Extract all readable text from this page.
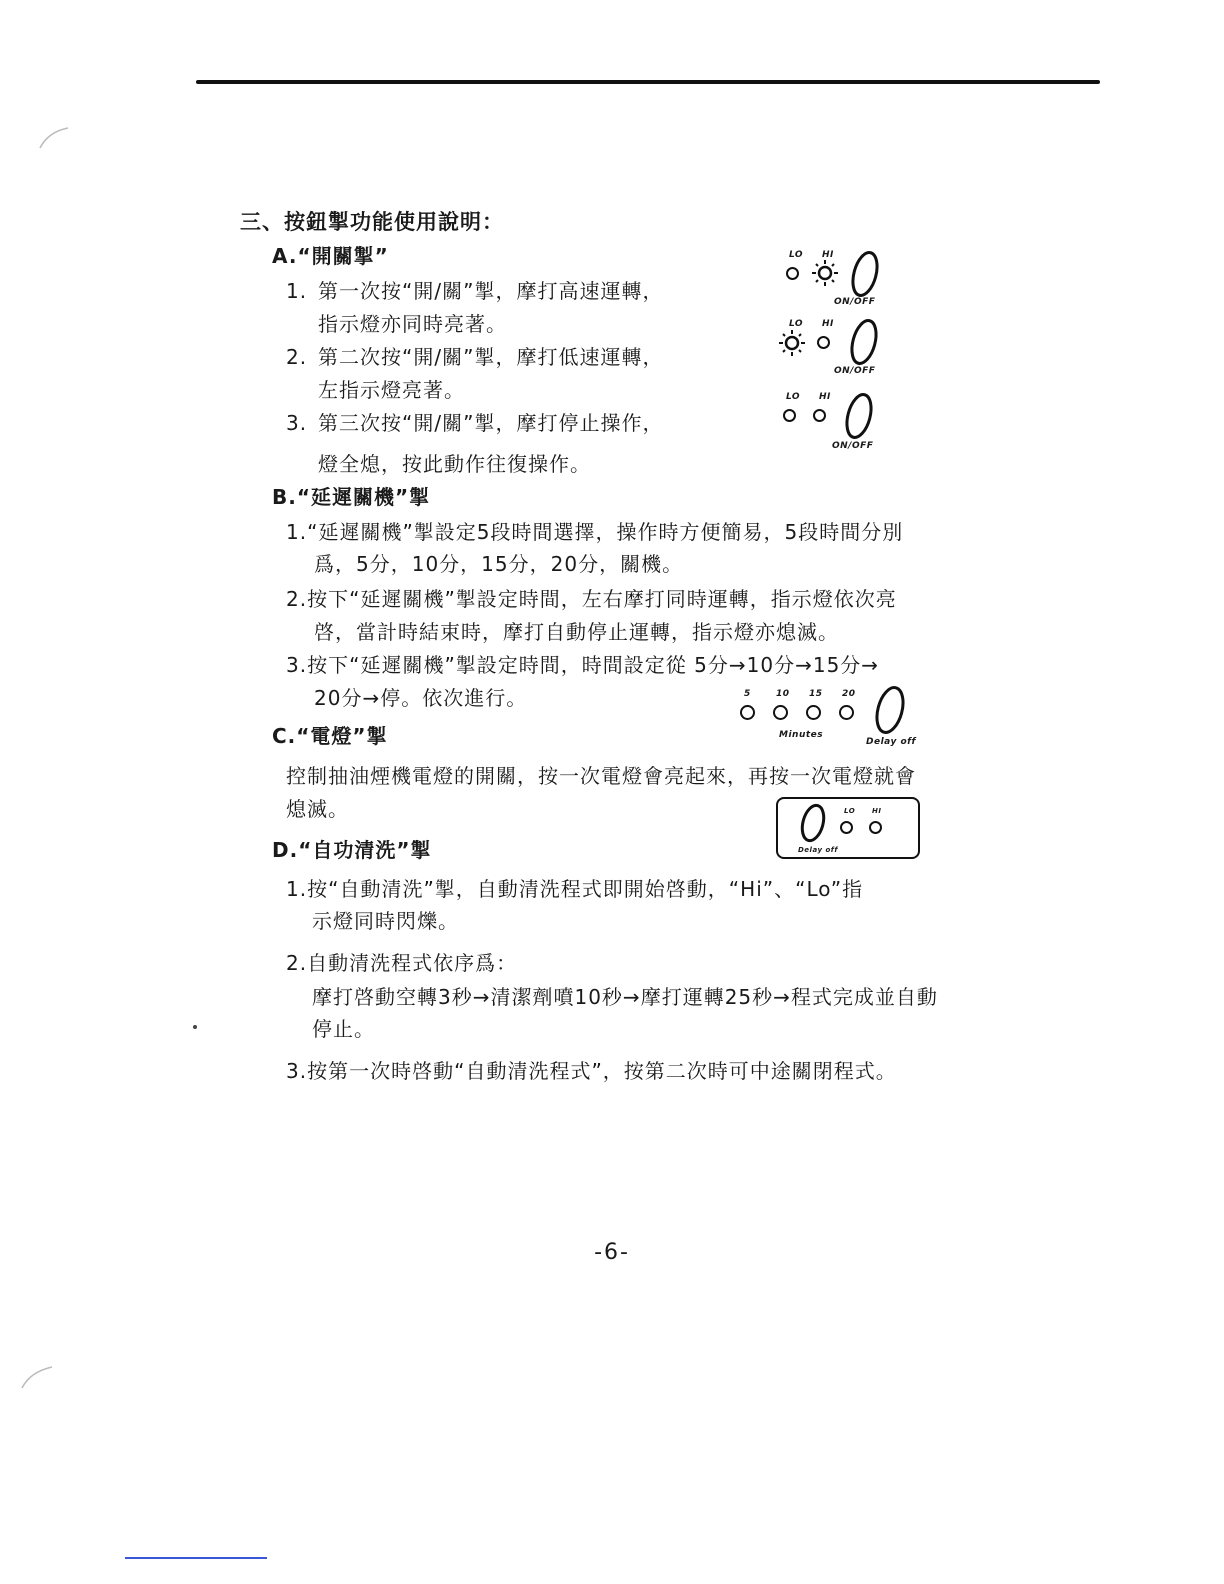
三、按鈕掣功能使用說明：
A.“開關掣”
1. 第一次按“開/關”掣，摩打高速運轉，
指示燈亦同時亮著。
2. 第二次按“開/關”掣，摩打低速運轉，
左指示燈亮著。
3. 第三次按“開/關”掣，摩打停止操作，
燈全熄，按此動作往復操作。
LO HI
ON/OFF
LO HI
ON/OFF
LO HI
ON/OFF
B.“延遲關機”掣
1.“延遲關機”掣設定5段時間選擇，操作時方便簡易，5段時間分別
爲，5分，10分，15分，20分，關機。
2.按下“延遲關機”掣設定時間，左右摩打同時運轉，指示燈依次亮
啓，當計時結束時，摩打自動停止運轉，指示燈亦熄滅。
3.按下“延遲關機”掣設定時間，時間設定從 5分→10分→15分→
20分→停。依次進行。	5	10 15 20
Minutes
Delay off
C.“電燈”掣
控制抽油煙機電燈的開關，按一次電燈會亮起來，再按一次電燈就會
熄滅。	LO HI
Delay off
D.“自功清洗”掣
1.按“自動清洗”掣，自動清洗程式即開始啓動，“Hi”、“Lo”指
示燈同時閃爍。
2.自動清洗程式依序爲：
摩打啓動空轉3秒→清潔劑噴10秒→摩打運轉25秒→程式完成並自動
停止。
3.按第一次時啓動“自動清洗程式”，按第二次時可中途關閉程式。
-6-
